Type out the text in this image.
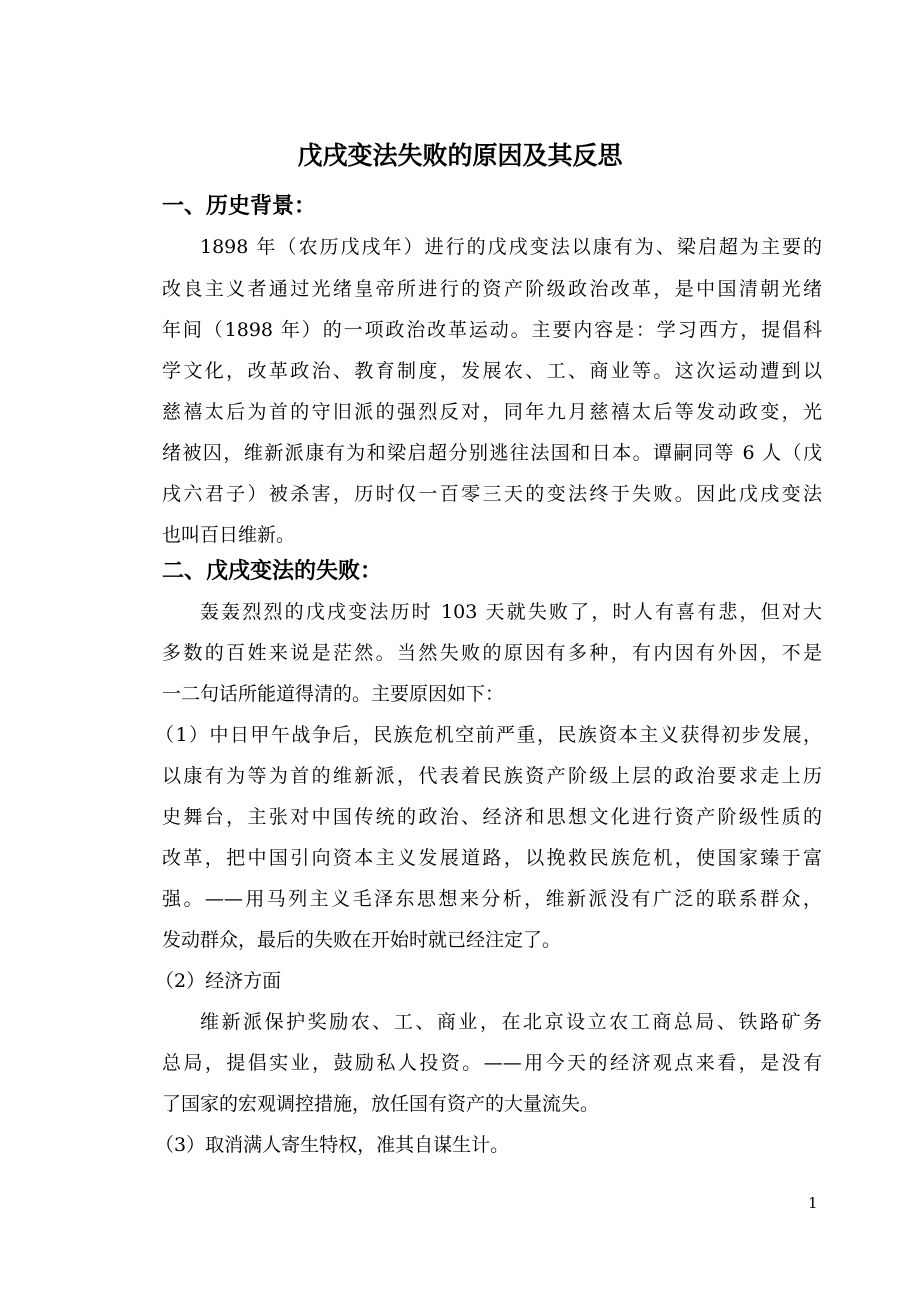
戊戌变法失败的原因及其反思
一、历史背景：
1898 年（农历戊戌年）进行的戊戌变法以康有为、梁启超为主要的
改良主义者通过光绪皇帝所进行的资产阶级政治改革，是中国清朝光绪
年间（1898 年）的一项政治改革运动。主要内容是：学习西方，提倡科
学文化，改革政治、教育制度，发展农、工、商业等。这次运动遭到以
慈禧太后为首的守旧派的强烈反对，同年九月慈禧太后等发动政变，光
绪被囚，维新派康有为和梁启超分别逃往法国和日本。谭嗣同等 6 人（戊
戌六君子）被杀害，历时仅一百零三天的变法终于失败。因此戊戌变法
也叫百日维新。
二、戊戌变法的失败：
轰轰烈烈的戊戌变法历时 103 天就失败了，时人有喜有悲，但对大
多数的百姓来说是茫然。当然失败的原因有多种，有内因有外因，不是
一二句话所能道得清的。主要原因如下：
（1）中日甲午战争后，民族危机空前严重，民族资本主义获得初步发展，
以康有为等为首的维新派，代表着民族资产阶级上层的政治要求走上历
史舞台，主张对中国传统的政治、经济和思想文化进行资产阶级性质的
改革，把中国引向资本主义发展道路，以挽救民族危机，使国家臻于富
强。——用马列主义毛泽东思想来分析，维新派没有广泛的联系群众，
发动群众，最后的失败在开始时就已经注定了。
（2）经济方面
维新派保护奖励农、工、商业，在北京设立农工商总局、铁路矿务
总局，提倡实业，鼓励私人投资。——用今天的经济观点来看，是没有
了国家的宏观调控措施，放任国有资产的大量流失。
（3）取消满人寄生特权，准其自谋生计。
1
